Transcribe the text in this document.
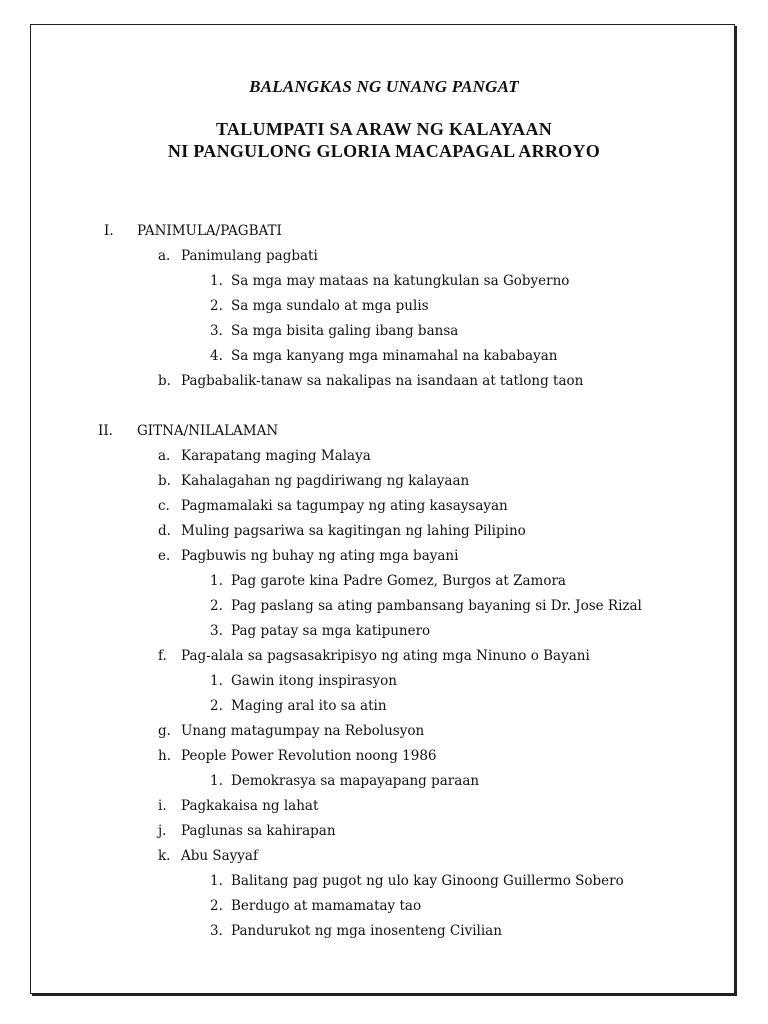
BALANGKAS NG UNANG PANGAT
TALUMPATI SA ARAW NG KALAYAAN
NI PANGULONG GLORIA MACAPAGAL ARROYO
I. PANIMULA/PAGBATI
a. Panimulang pagbati
1. Sa mga may mataas na katungkulan sa Gobyerno
2. Sa mga sundalo at mga pulis
3. Sa mga bisita galing ibang bansa
4. Sa mga kanyang mga minamahal na kababayan
b. Pagbabalik-tanaw sa nakalipas na isandaan at tatlong taon
II. GITNA/NILALAMAN
a. Karapatang maging Malaya
b. Kahalagahan ng pagdiriwang ng kalayaan
c. Pagmamalaki sa tagumpay ng ating kasaysayan
d. Muling pagsariwa sa kagitingan ng lahing Pilipino
e. Pagbuwis ng buhay ng ating mga bayani
1. Pag garote kina Padre Gomez, Burgos at Zamora
2. Pag paslang sa ating pambansang bayaning si Dr. Jose Rizal
3. Pag patay sa mga katipunero
f. Pag-alala sa pagsasakripisyo ng ating mga Ninuno o Bayani
1. Gawin itong inspirasyon
2. Maging aral ito sa atin
g. Unang matagumpay na Rebolusyon
h. People Power Revolution noong 1986
1. Demokrasya sa mapayapang paraan
i. Pagkakaisa ng lahat
j. Paglunas sa kahirapan
k. Abu Sayyaf
1. Balitang pag pugot ng ulo kay Ginoong Guillermo Sobero
2. Berdugo at mamamatay tao
3. Pandurukot ng mga inosenteng Civilian
